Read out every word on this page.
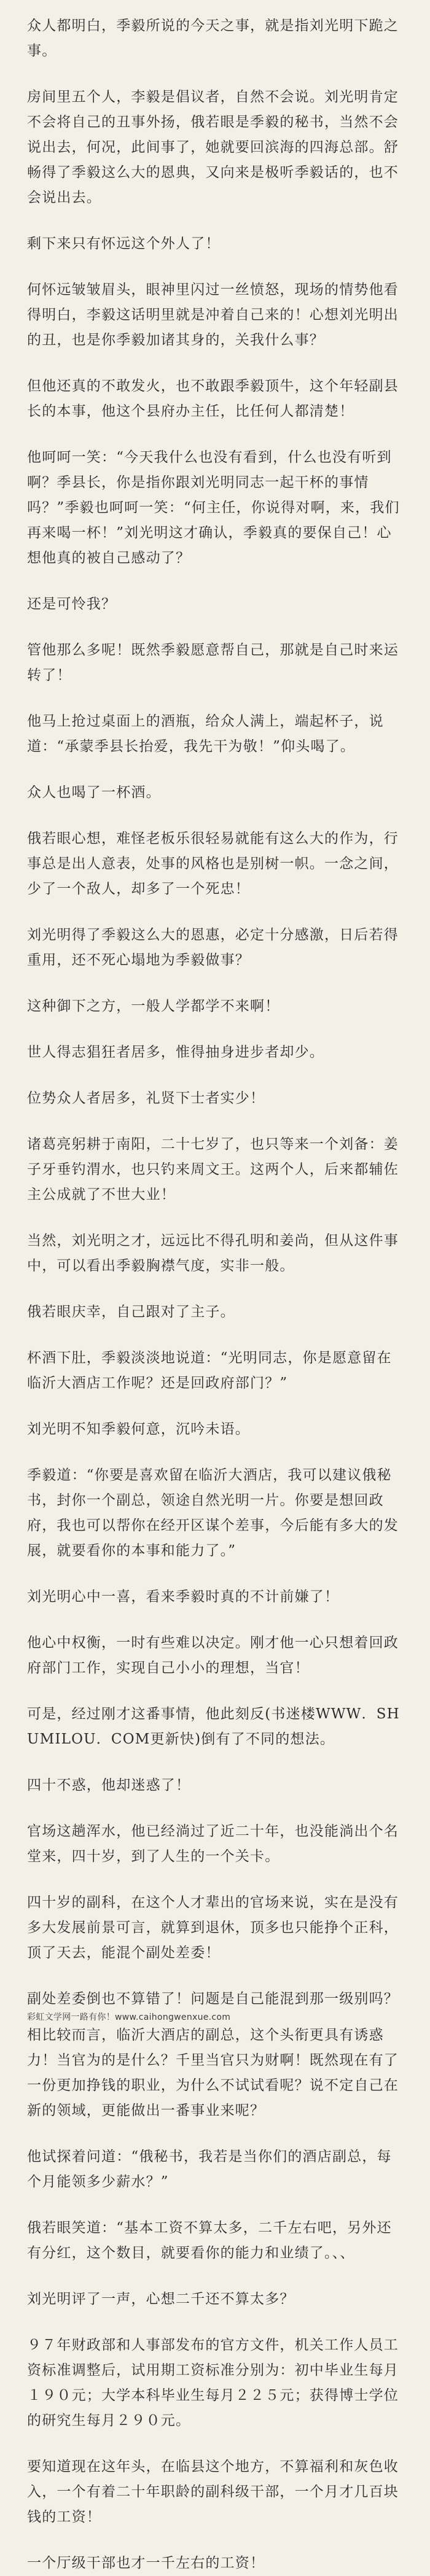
众人都明白，季毅所说的今天之事，就是指刘光明下跪之事。

房间里五个人，李毅是倡议者，自然不会说。刘光明肯定不会将自己的丑事外扬，俄若眼是季毅的秘书，当然不会说出去，何况，此间事了，她就要回滨海的四海总部。舒畅得了季毅这么大的恩典，又向来是极听季毅话的，也不会说出去。

剩下来只有怀远这个外人了！

何怀远皱皱眉头，眼神里闪过一丝愤怒，现场的情势他看得明白，李毅这话明里就是冲着自己来的！心想刘光明出的丑，也是你季毅加诸其身的，关我什么事？

但他还真的不敢发火，也不敢跟季毅顶牛，这个年轻副县长的本事，他这个县府办主任，比任何人都清楚！

他呵呵一笑：“今天我什么也没有看到，什么也没有听到啊？季县长，你是指你跟刘光明同志一起干杯的事情吗？”季毅也呵呵一笑：“何主任，你说得对啊，来，我们再来喝一杯！”刘光明这才确认，季毅真的要保自己！心想他真的被自己感动了？

还是可怜我？

管他那么多呢！既然季毅愿意帮自己，那就是自己时来运转了！

他马上抢过桌面上的酒瓶，给众人满上，端起杯子，说道：“承蒙季县长抬爱，我先干为敬！”仰头喝了。

众人也喝了一杯酒。

俄若眼心想，难怪老板乐很轻易就能有这么大的作为，行事总是出人意表，处事的风格也是别树一帜。一念之间，少了一个敌人，却多了一个死忠！

刘光明得了季毅这么大的恩惠，必定十分感激，日后若得重用，还不死心塌地为季毅做事？

这种御下之方，一般人学都学不来啊！

世人得志猖狂者居多，惟得抽身进步者却少。

位势众人者居多，礼贤下士者实少！

诸葛亮躬耕于南阳，二十七岁了，也只等来一个刘备：姜子牙垂钓渭水，也只钓来周文王。这两个人，后来都辅佐主公成就了不世大业！

当然，刘光明之才，远远比不得孔明和姜尚，但从这件事中，可以看出季毅胸襟气度，实非一般。

俄若眼庆幸，自己跟对了主子。

杯酒下肚，季毅淡淡地说道：“光明同志，你是愿意留在临沂大酒店工作呢？还是回政府部门？”

刘光明不知季毅何意，沉吟未语。

季毅道：“你要是喜欢留在临沂大酒店，我可以建议俄秘书，封你一个副总，领途自然光明一片。你要是想回政府，我也可以帮你在经开区谋个差事，今后能有多大的发展，就要看你的本事和能力了。”

刘光明心中一喜，看来季毅时真的不计前嫌了！

他心中权衡，一时有些难以决定。刚才他一心只想着回政府部门工作，实现自己小小的理想，当官！

可是，经过刚才这番事情，他此刻反(书迷楼WWW．SHUMILOU．COM更新快)倒有了不同的想法。

四十不惑，他却迷惑了！

官场这趟浑水，他已经淌过了近二十年，也没能淌出个名堂来，四十岁，到了人生的一个关卡。

四十岁的副科，在这个人才辈出的官场来说，实在是没有多大发展前景可言，就算到退休，顶多也只能挣个正科，顶了天去，能混个副处差委！

副处差委倒也不算错了！问题是自己能混到那一级别吗？

彩虹文学网一路有你！www.caihongwenxue.com

相比较而言，临沂大酒店的副总，这个头衔更具有诱惑力！当官为的是什么？千里当官只为财啊！既然现在有了一份更加挣钱的职业，为什么不试试看呢？说不定自己在新的领域，更能做出一番事业来呢？

他试探着问道：“俄秘书，我若是当你们的酒店副总，每个月能领多少薪水？”

俄若眼笑道：“基本工资不算太多，二千左右吧，另外还有分红，这个数目，就要看你的能力和业绩了。、、

刘光明评了一声，心想二千还不算太多？

９７年财政部和人事部发布的官方文件，机关工作人员工资标准调整后，试用期工资标准分别为：初中毕业生每月１９０元；大学本科毕业生每月２２５元；获得博士学位的研究生每月２９０元。

要知道现在这年头，在临县这个地方，不算福利和灰色收入，一个有着二十年职龄的副科级干部，一个月才几百块钱的工资！

一个厅级干部也才一千左右的工资！
